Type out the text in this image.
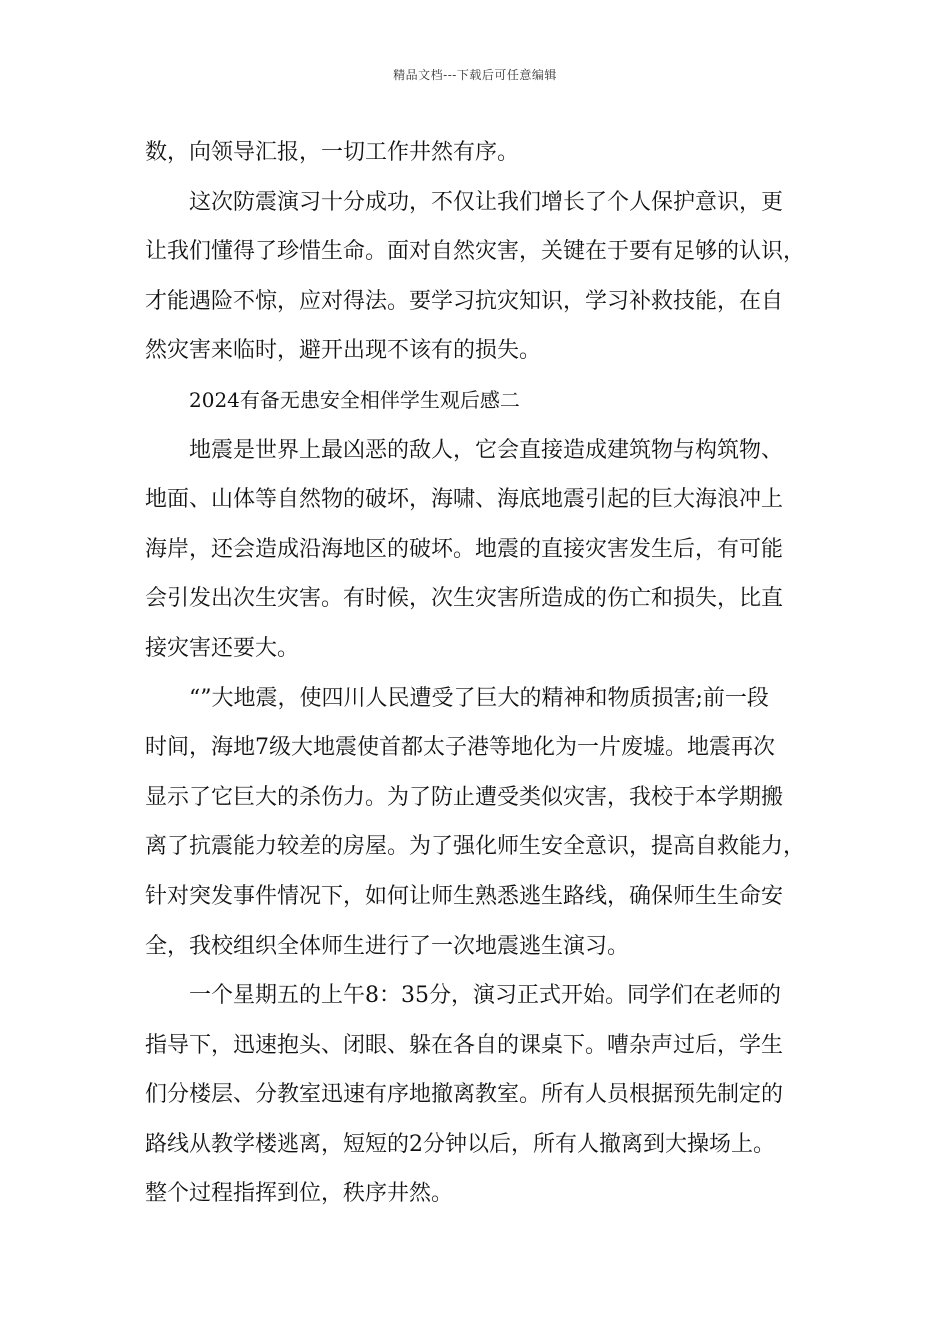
精品文档---下载后可任意编辑
数，向领导汇报，一切工作井然有序。
这次防震演习十分成功，不仅让我们增长了个人保护意识，更
让我们懂得了珍惜生命。面对自然灾害，关键在于要有足够的认识，
才能遇险不惊，应对得法。要学习抗灾知识，学习补救技能，在自
然灾害来临时，避开出现不该有的损失。
2024有备无患安全相伴学生观后感二
地震是世界上最凶恶的敌人，它会直接造成建筑物与构筑物、
地面、山体等自然物的破坏，海啸、海底地震引起的巨大海浪冲上
海岸，还会造成沿海地区的破坏。地震的直接灾害发生后，有可能
会引发出次生灾害。有时候，次生灾害所造成的伤亡和损失，比直
接灾害还要大。
“”大地震，使四川人民遭受了巨大的精神和物质损害;前一段
时间，海地7级大地震使首都太子港等地化为一片废墟。地震再次
显示了它巨大的杀伤力。为了防止遭受类似灾害，我校于本学期搬
离了抗震能力较差的房屋。为了强化师生安全意识，提高自救能力，
针对突发事件情况下，如何让师生熟悉逃生路线，确保师生生命安
全，我校组织全体师生进行了一次地震逃生演习。
一个星期五的上午8：35分，演习正式开始。同学们在老师的
指导下，迅速抱头、闭眼、躲在各自的课桌下。嘈杂声过后，学生
们分楼层、分教室迅速有序地撤离教室。所有人员根据预先制定的
路线从教学楼逃离，短短的2分钟以后，所有人撤离到大操场上。
整个过程指挥到位，秩序井然。
